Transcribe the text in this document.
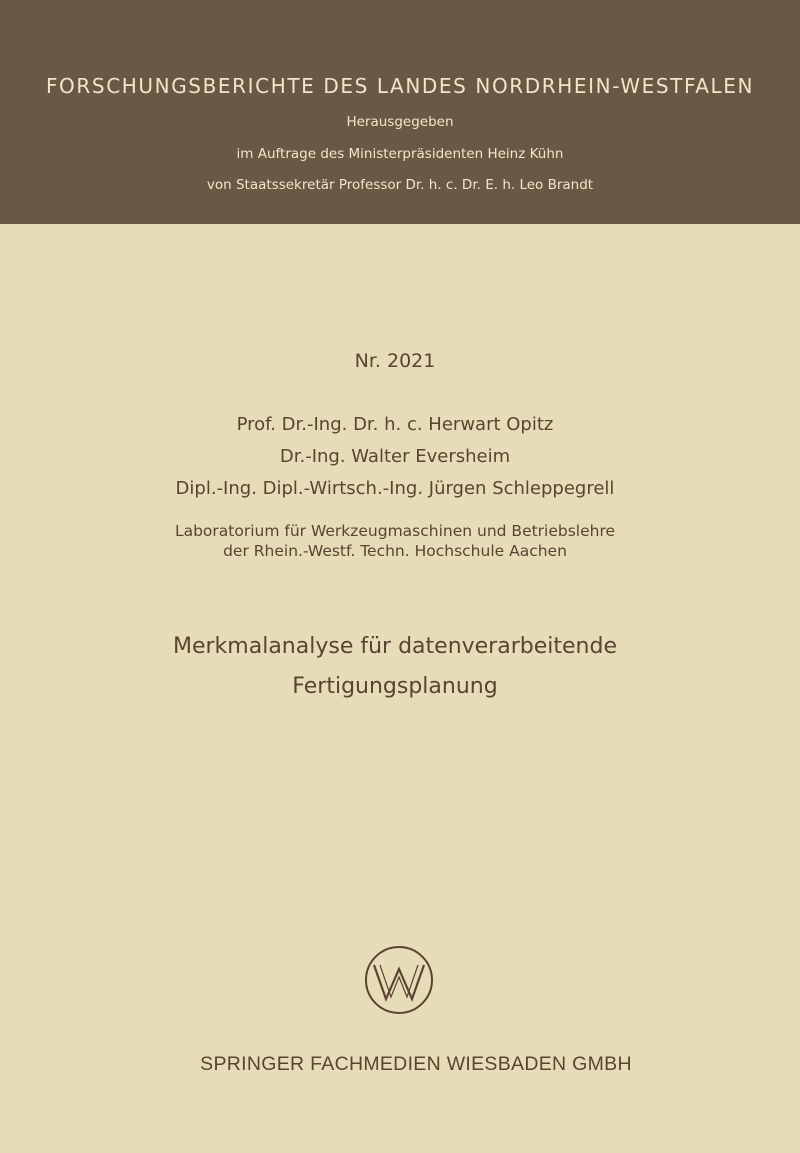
FORSCHUNGSBERICHTE DES LANDES NORDRHEIN-WESTFALEN
Herausgegeben
im Auftrage des Ministerpräsidenten Heinz Kühn
von Staatssekretär Professor Dr. h. c. Dr. E. h. Leo Brandt
Nr. 2021
Prof. Dr.-Ing. Dr. h. c. Herwart Opitz
Dr.-Ing. Walter Eversheim
Dipl.-Ing. Dipl.-Wirtsch.-Ing. Jürgen Schleppegrell
Laboratorium für Werkzeugmaschinen und Betriebslehre
der Rhein.-Westf. Techn. Hochschule Aachen
Merkmalanalyse für datenverarbeitende
Fertigungsplanung
SPRINGER FACHMEDIEN WIESBADEN GMBH
